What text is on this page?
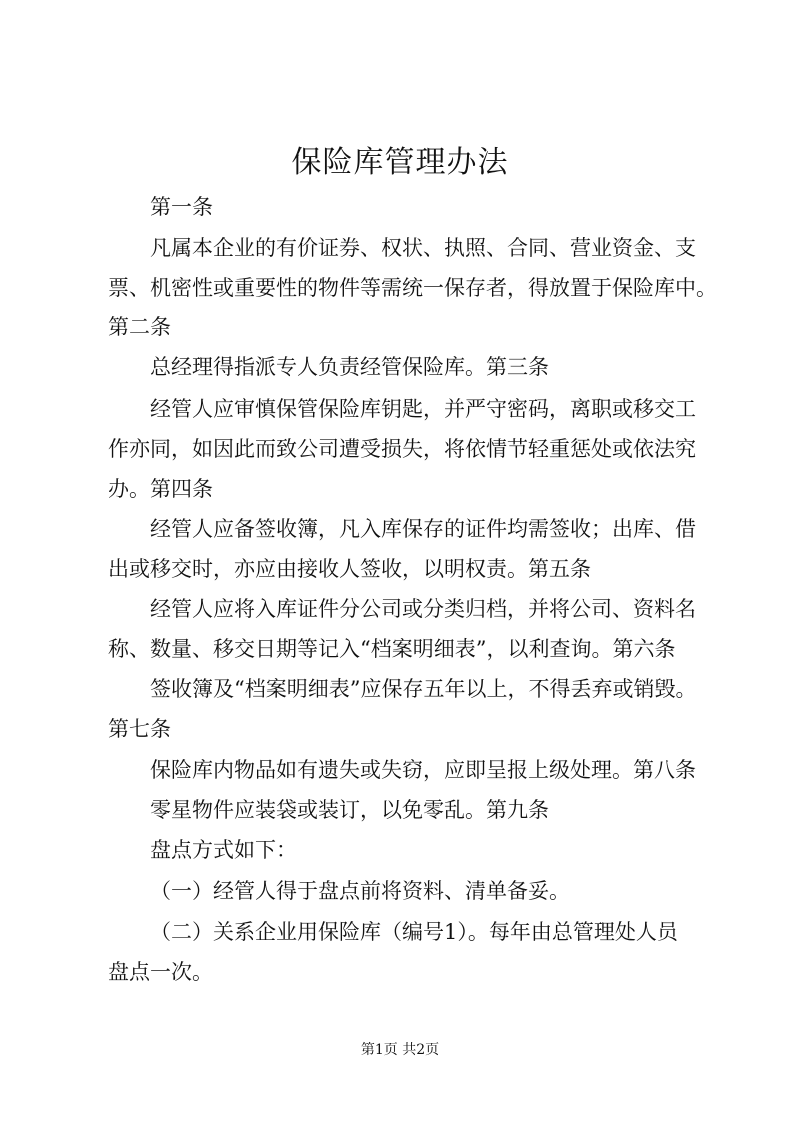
保险库管理办法
第一条
凡属本企业的有价证券、权状、执照、合同、营业资金、支
票、机密性或重要性的物件等需统一保存者，得放置于保险库中。
第二条
总经理得指派专人负责经管保险库。第三条
经管人应审慎保管保险库钥匙，并严守密码，离职或移交工
作亦同，如因此而致公司遭受损失，将依情节轻重惩处或依法究
办。第四条
经管人应备签收簿，凡入库保存的证件均需签收；出库、借
出或移交时，亦应由接收人签收，以明权责。第五条
经管人应将入库证件分公司或分类归档，并将公司、资料名
称、数量、移交日期等记入“档案明细表”，以利查询。第六条
签收簿及“档案明细表”应保存五年以上，不得丢弃或销毁。
第七条
保险库内物品如有遗失或失窃，应即呈报上级处理。第八条
零星物件应装袋或装订，以免零乱。第九条
盘点方式如下：
（一）经管人得于盘点前将资料、清单备妥。
（二）关系企业用保险库（编号1）。每年由总管理处人员
盘点一次。
第1页 共2页
